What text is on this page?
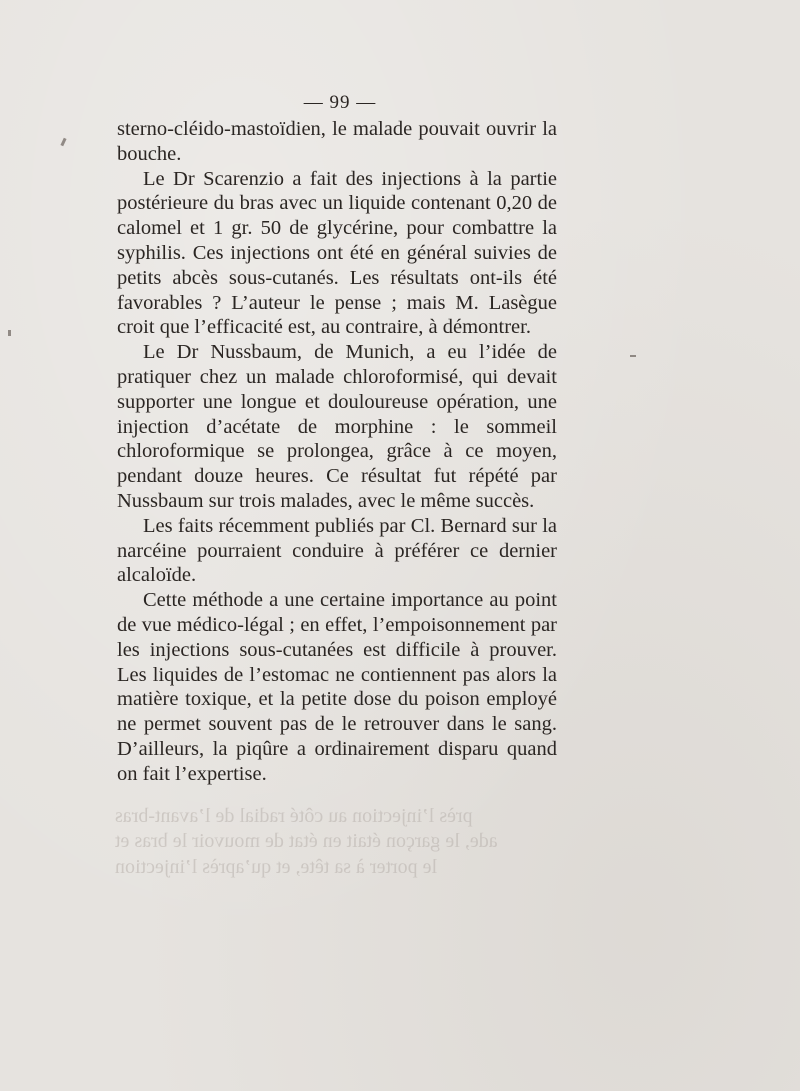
— 99 —

sterno-cléido-mastoïdien, le malade pouvait ouvrir la bouche.

Le Dr Scarenzio a fait des injections à la partie postérieure du bras avec un liquide contenant 0,20 de calomel et 1 gr. 50 de glycérine, pour combattre la syphilis. Ces injections ont été en général suivies de petits abcès sous-cutanés. Les résultats ont-ils été favorables ? L’auteur le pense ; mais M. Lasègue croit que l’efficacité est, au contraire, à démontrer.

Le Dr Nussbaum, de Munich, a eu l’idée de pratiquer chez un malade chloroformisé, qui devait supporter une longue et douloureuse opération, une injection d’acétate de morphine : le sommeil chloroformique se prolongea, grâce à ce moyen, pendant douze heures. Ce résultat fut répété par Nussbaum sur trois malades, avec le même succès.

Les faits récemment publiés par Cl. Bernard sur la narcéine pourraient conduire à préférer ce dernier alcaloïde.

Cette méthode a une certaine importance au point de vue médico-légal ; en effet, l’empoisonnement par les injections sous-cutanées est difficile à prouver. Les liquides de l’estomac ne contiennent pas alors la matière toxique, et la petite dose du poison employé ne permet souvent pas de le retrouver dans le sang. D’ailleurs, la piqûre a ordinairement disparu quand on fait l’expertise.

près l’injection au côté radial de l’avant-bras
ade, le garçon était en état de mouvoir le bras et
le porter à sa tête, et qu’après l’injection
